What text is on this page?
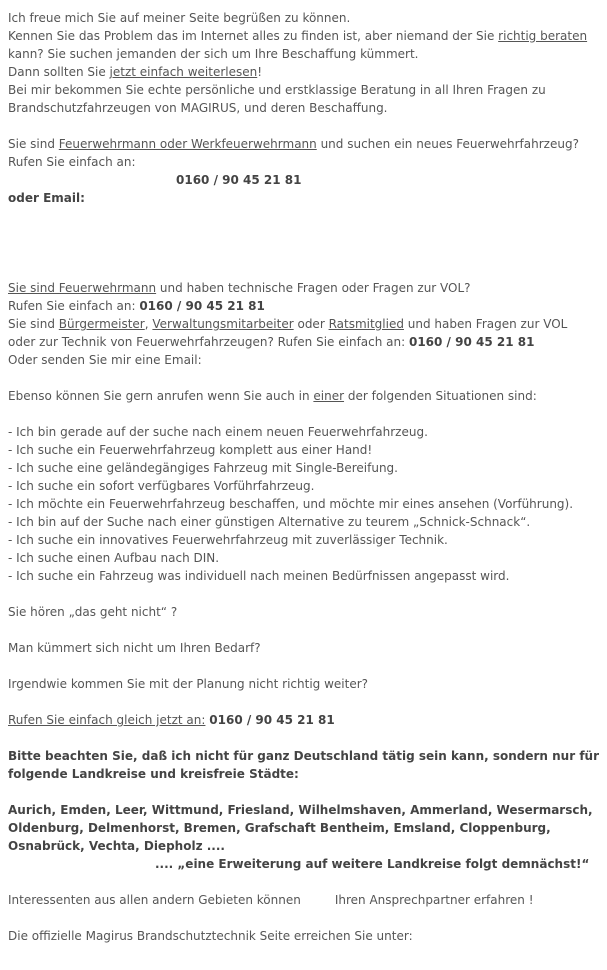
Ich freue mich Sie auf meiner Seite begrüßen zu können.
Kennen Sie das Problem das im Internet alles zu finden ist, aber niemand der Sie richtig beraten
kann? Sie suchen jemanden der sich um Ihre Beschaffung kümmert.
Dann sollten Sie jetzt einfach weiterlesen!
Bei mir bekommen Sie echte persönliche und erstklassige Beratung in all Ihren Fragen zu
Brandschutzfahrzeugen von MAGIRUS, und deren Beschaffung.
Sie sind Feuerwehrmann oder Werkfeuerwehrmann und suchen ein neues Feuerwehrfahrzeug?
Rufen Sie einfach an:
0160 / 90 45 21 81
oder Email:
Sie sind Feuerwehrmann und haben technische Fragen oder Fragen zur VOL?
Rufen Sie einfach an: 0160 / 90 45 21 81
Sie sind Bürgermeister, Verwaltungsmitarbeiter oder Ratsmitglied und haben Fragen zur VOL
oder zur Technik von Feuerwehrfahrzeugen? Rufen Sie einfach an: 0160 / 90 45 21 81
Oder senden Sie mir eine Email:
Ebenso können Sie gern anrufen wenn Sie auch in einer der folgenden Situationen sind:
- Ich bin gerade auf der suche nach einem neuen Feuerwehrfahrzeug.
- Ich suche ein Feuerwehrfahrzeug komplett aus einer Hand!
- Ich suche eine geländegängiges Fahrzeug mit Single-Bereifung.
- Ich suche ein sofort verfügbares Vorführfahrzeug.
- Ich möchte ein Feuerwehrfahrzeug beschaffen, und möchte mir eines ansehen (Vorführung).
- Ich bin auf der Suche nach einer günstigen Alternative zu teurem „Schnick-Schnack“.
- Ich suche ein innovatives Feuerwehrfahrzeug mit zuverlässiger Technik.
- Ich suche einen Aufbau nach DIN.
- Ich suche ein Fahrzeug was individuell nach meinen Bedürfnissen angepasst wird.
Sie hören „das geht nicht“ ?
Man kümmert sich nicht um Ihren Bedarf?
Irgendwie kommen Sie mit der Planung nicht richtig weiter?
Rufen Sie einfach gleich jetzt an: 0160 / 90 45 21 81
Bitte beachten Sie, daß ich nicht für ganz Deutschland tätig sein kann, sondern nur für
folgende Landkreise und kreisfreie Städte:
Aurich, Emden, Leer, Wittmund, Friesland, Wilhelmshaven, Ammerland, Wesermarsch,
Oldenburg, Delmenhorst, Bremen, Grafschaft Bentheim, Emsland, Cloppenburg,
Osnabrück, Vechta, Diepholz ....
.... „eine Erweiterung auf weitere Landkreise folgt demnächst!“
Interessenten aus allen andern Gebieten können	Ihren Ansprechpartner erfahren !
Die offizielle Magirus Brandschutztechnik Seite erreichen Sie unter:
